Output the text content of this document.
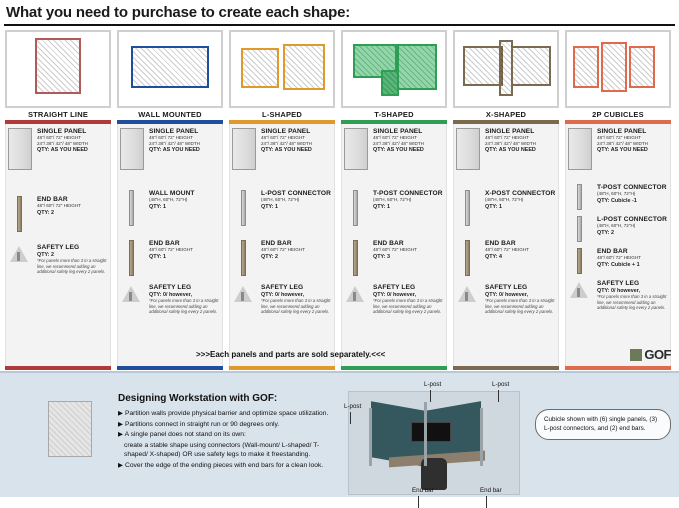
What you need to purchase to create each shape:
STRAIGHT LINE
SINGLE PANEL
48"/ 60"/ 72" HEIGHT
24"/ 36"/ 42"/ 48" WIDTH
QTY: AS YOU NEED
END BAR
48"/ 60"/ 72" HEIGHT
QTY: 2
SAFETY LEG
QTY: 2
*For panels more than 3 in a straight line, we recommend adding an additional safety leg every 2 panels.

WALL MOUNTED
SINGLE PANEL
48"/ 60"/ 72" HEIGHT
24"/ 36"/ 42"/ 48" WIDTH
QTY: AS YOU NEED
WALL MOUNT
(48"H, 60"H, 72"H)
QTY: 1
END BAR
48"/ 60"/ 72" HEIGHT
QTY: 1
SAFETY LEG
QTY: 0/ however,
*For panels more than 3 in a straight line, we recommend adding an additional safety leg every 2 panels.

L-SHAPED
SINGLE PANEL
48"/ 60"/ 72" HEIGHT
24"/ 36"/ 42"/ 48" WIDTH
QTY: AS YOU NEED
L-POST CONNECTOR
(48"H, 60"H, 72"H)
QTY: 1
END BAR
48"/ 60"/ 72" HEIGHT
QTY: 2
SAFETY LEG
QTY: 0/ however,
*For panels more than 3 in a straight line, we recommend adding an additional safety leg every 2 panels.

T-SHAPED
SINGLE PANEL
48"/ 60"/ 72" HEIGHT
24"/ 36"/ 42"/ 48" WIDTH
QTY: AS YOU NEED
T-POST CONNECTOR
(48"H, 60"H, 72"H)
QTY: 1
END BAR
48"/ 60"/ 72" HEIGHT
QTY: 3
SAFETY LEG
QTY: 0/ however,
*For panels more than 3 in a straight line, we recommend adding an additional safety leg every 2 panels.

X-SHAPED
SINGLE PANEL
48"/ 60"/ 72" HEIGHT
24"/ 36"/ 42"/ 48" WIDTH
QTY: AS YOU NEED
X-POST CONNECTOR
(48"H, 60"H, 72"H)
QTY: 1
END BAR
48"/ 60"/ 72" HEIGHT
QTY: 4
SAFETY LEG
QTY: 0/ however,
*For panels more than 3 in a straight line, we recommend adding an additional safety leg every 2 panels.

2P CUBICLES
SINGLE PANEL
48"/ 60"/ 72" HEIGHT
24"/ 36"/ 42"/ 48" WIDTH
QTY: AS YOU NEED
T-POST CONNECTOR
(48"H, 60"H, 72"H)
QTY: Cubicle -1
L-POST CONNECTOR
(48"H, 60"H, 72"H)
QTY: 2
END BAR
48"/ 60"/ 72" HEIGHT
QTY: Cubicle + 1
SAFETY LEG
QTY: 0/ however,
*For panels more than 3 in a straight line, we recommend adding an additional safety leg every 2 panels.

>>>Each panels and parts are sold separately.<<<	GOF
Designing Workstation with GOF:
▶ Partition walls provide physical barrier and optimize space utilization.
▶ Partitions connect in straight run or 90 degrees only.
▶ A single panel does not stand on its own:
create a stable shape using connectors (Wall-mount/ L-shaped/ T-shaped/ X-shaped) OR use safety legs to make it freestanding.
▶ Cover the edge of the ending pieces with end bars for a clean look.
L-post
L-post	L-post
End bar	End bar
Cubicle shown with (6) single panels, (3) L-post connectors, and (2) end bars.
